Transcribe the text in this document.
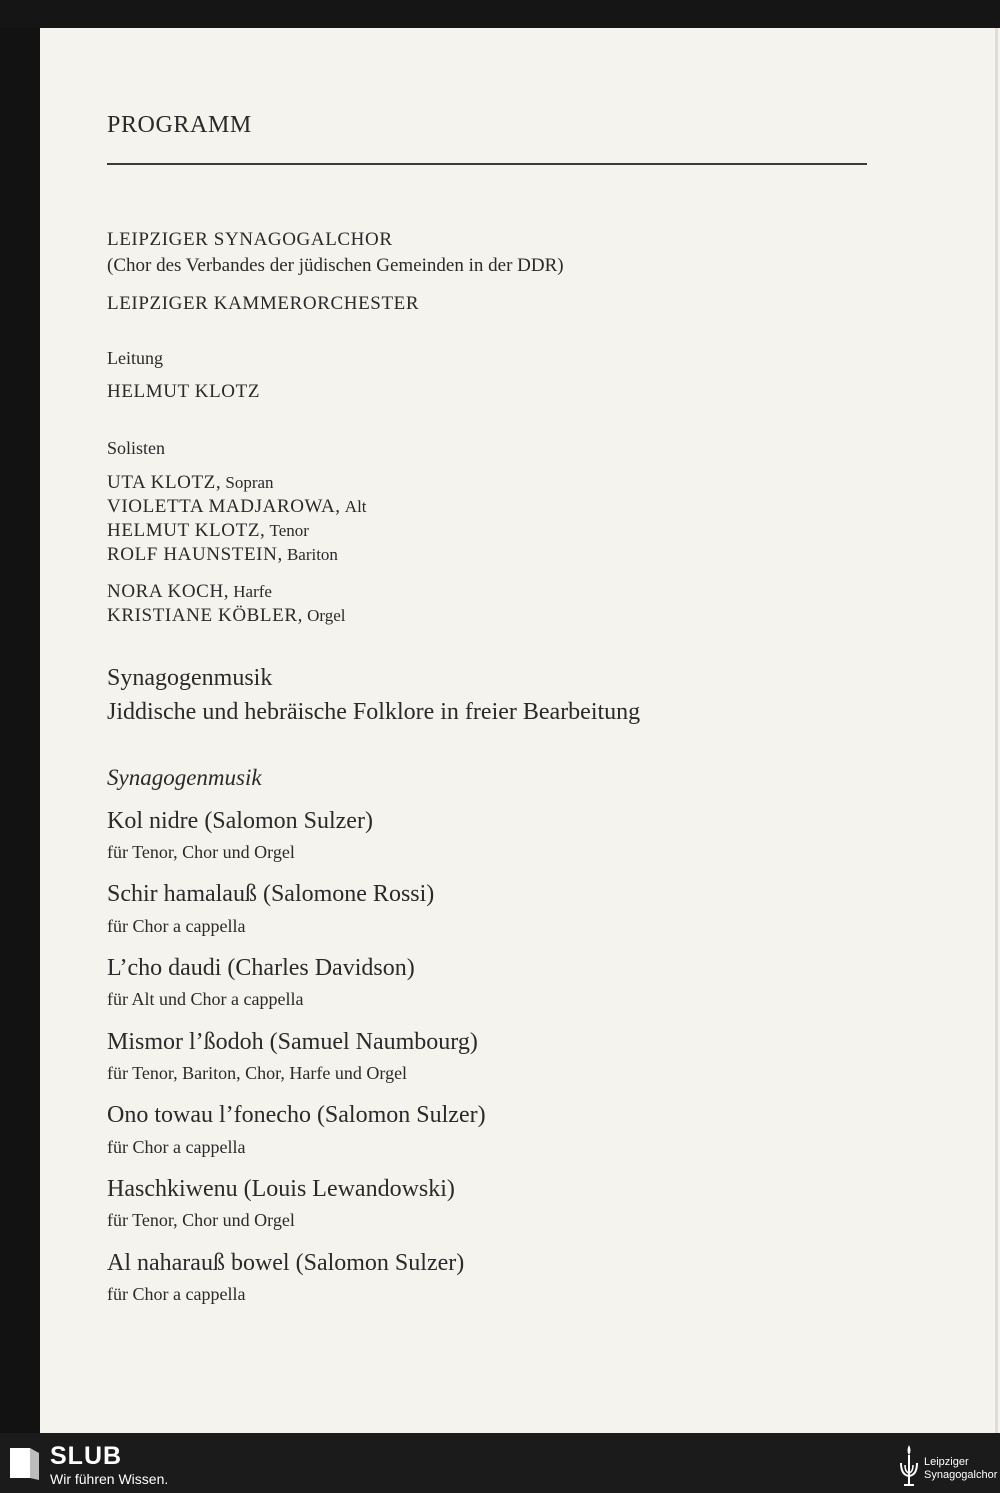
PROGRAMM
LEIPZIGER SYNAGOGALCHOR
(Chor des Verbandes der jüdischen Gemeinden in der DDR)
LEIPZIGER KAMMERORCHESTER
Leitung
HELMUT KLOTZ
Solisten
UTA KLOTZ, Sopran
VIOLETTA MADJAROWA, Alt
HELMUT KLOTZ, Tenor
ROLF HAUNSTEIN, Bariton
NORA KOCH, Harfe
KRISTIANE KÖBLER, Orgel
Synagogenmusik
Jiddische und hebräische Folklore in freier Bearbeitung
Synagogenmusik
Kol nidre (Salomon Sulzer)
für Tenor, Chor und Orgel
Schir hamalauß (Salomone Rossi)
für Chor a cappella
L’cho daudi (Charles Davidson)
für Alt und Chor a cappella
Mismor l’ßodoh (Samuel Naumbourg)
für Tenor, Bariton, Chor, Harfe und Orgel
Ono towau l’fonecho (Salomon Sulzer)
für Chor a cappella
Haschkiwenu (Louis Lewandowski)
für Tenor, Chor und Orgel
Al naharauß bowel (Salomon Sulzer)
für Chor a cappella
SLUB
Wir führen Wissen.
Leipziger
Synagogalchor
